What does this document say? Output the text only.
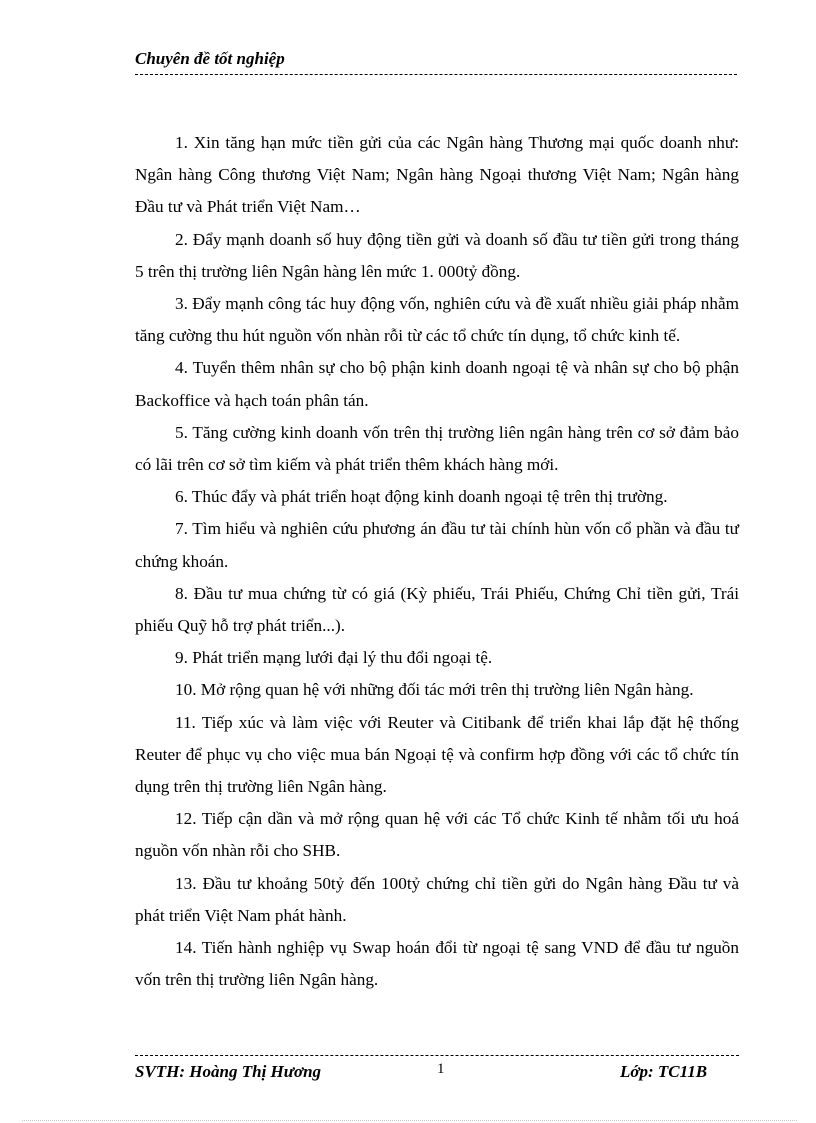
Chuyên đề tốt nghiệp

1. Xin tăng hạn mức tiền gửi của các Ngân hàng Thương mại quốc doanh như: Ngân hàng Công thương Việt Nam; Ngân hàng Ngoại thương Việt Nam; Ngân hàng Đầu tư và Phát triển Việt Nam…

2. Đẩy mạnh doanh số huy động tiền gửi và doanh số đầu tư tiền gửi trong tháng 5 trên thị trường liên Ngân hàng lên mức 1. 000tỷ đồng.

3. Đẩy mạnh công tác huy động vốn, nghiên cứu và đề xuất nhiều giải pháp nhằm tăng cường thu hút nguồn vốn nhàn rỗi từ các tổ chức tín dụng, tổ chức kinh tế.

4. Tuyển thêm nhân sự cho bộ phận kinh doanh ngoại tệ và nhân sự cho bộ phận Backoffice và hạch toán phân tán.

5. Tăng cường kinh doanh vốn trên thị trường liên ngân hàng trên cơ sở đảm bảo có lãi trên cơ sở tìm kiếm và phát triển thêm khách hàng mới.

6. Thúc đẩy và phát triển hoạt động kinh doanh ngoại tệ trên thị trường.

7. Tìm hiểu và nghiên cứu phương án đầu tư tài chính hùn vốn cổ phần và đầu tư chứng khoán.

8. Đầu tư mua chứng từ có giá (Kỳ phiếu, Trái Phiếu, Chứng Chỉ tiền gửi, Trái phiếu Quỹ hỗ trợ phát triển...).

9. Phát triển mạng lưới đại lý thu đổi ngoại tệ.

10. Mở rộng quan hệ với những đối tác mới trên thị trường liên Ngân hàng.

11. Tiếp xúc và làm việc với Reuter và Citibank để triển khai lắp đặt hệ thống Reuter để phục vụ cho việc mua bán Ngoại tệ và confirm hợp đồng với các tổ chức tín dụng trên thị trường liên Ngân hàng.

12. Tiếp cận dần và mở rộng quan hệ với các Tổ chức Kinh tế nhằm tối ưu hoá nguồn vốn nhàn rỗi cho SHB.

13. Đầu tư khoảng 50tỷ đến 100tỷ chứng chỉ tiền gửi do Ngân hàng Đầu tư và phát triển Việt Nam phát hành.

14. Tiến hành nghiệp vụ Swap hoán đổi từ ngoại tệ sang VND để đầu tư nguồn vốn trên thị trường liên Ngân hàng.

SVTH: Hoàng Thị Hương	1	Lớp: TC11B
